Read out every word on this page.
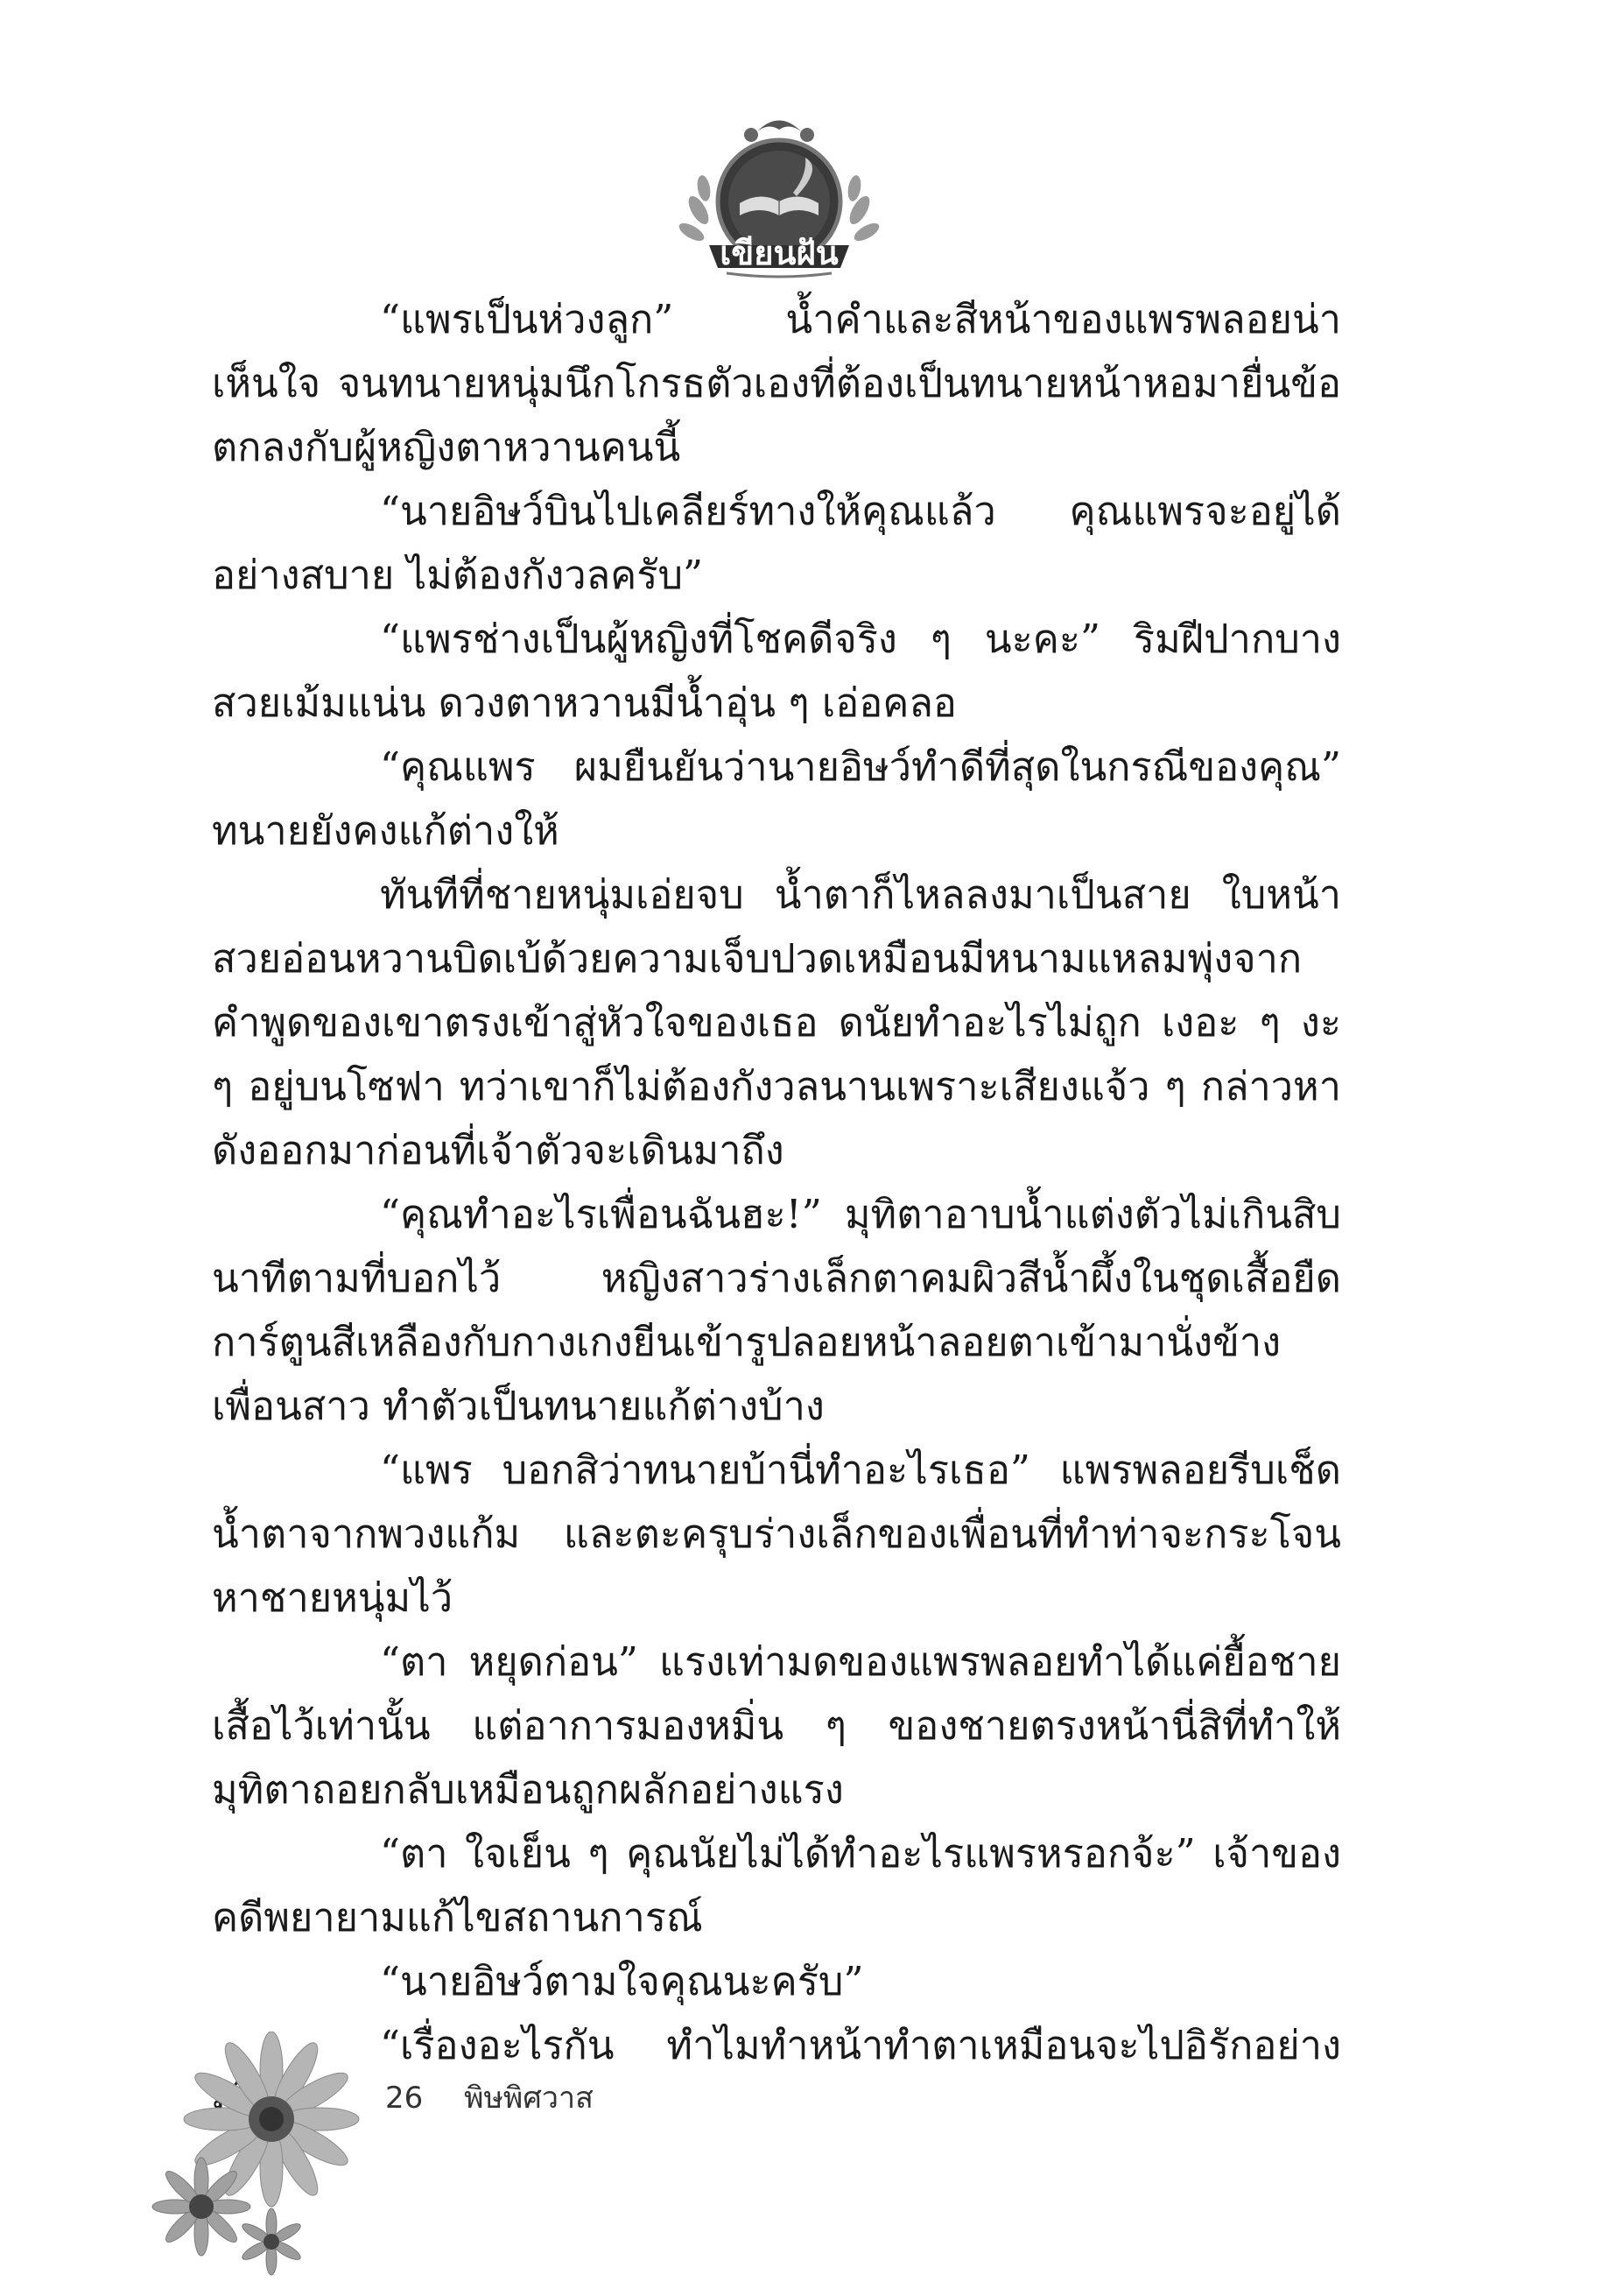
เขียนฝัน

“แพรเป็นห่วงลูก” น้ำคำและสีหน้าของแพรพลอยน่าเห็นใจ จนทนายหนุ่มนึกโกรธตัวเองที่ต้องเป็นทนายหน้าหอมายื่นข้อตกลงกับผู้หญิงตาหวานคนนี้

“นายอิษว์บินไปเคลียร์ทางให้คุณแล้ว คุณแพรจะอยู่ได้อย่างสบาย ไม่ต้องกังวลครับ”

“แพรช่างเป็นผู้หญิงที่โชคดีจริง ๆ นะคะ” ริมฝีปากบางสวยเม้มแน่น ดวงตาหวานมีน้ำอุ่น ๆ เอ่อคลอ

“คุณแพร ผมยืนยันว่านายอิษว์ทำดีที่สุดในกรณีของคุณ” ทนายยังคงแก้ต่างให้

ทันทีที่ชายหนุ่มเอ่ยจบ น้ำตาก็ไหลลงมาเป็นสาย ใบหน้าสวยอ่อนหวานบิดเบ้ด้วยความเจ็บปวดเหมือนมีหนามแหลมพุ่งจากคำพูดของเขาตรงเข้าสู่หัวใจของเธอ ดนัยทำอะไรไม่ถูก เงอะ ๆ งะ ๆ อยู่บนโซฟา ทว่าเขาก็ไม่ต้องกังวลนานเพราะเสียงแจ้ว ๆ กล่าวหาดังออกมาก่อนที่เจ้าตัวจะเดินมาถึง

“คุณทำอะไรเพื่อนฉันฮะ!” มุทิตาอาบน้ำแต่งตัวไม่เกินสิบนาทีตามที่บอกไว้ หญิงสาวร่างเล็กตาคมผิวสีน้ำผึ้งในชุดเสื้อยืดการ์ตูนสีเหลืองกับกางเกงยีนเข้ารูปลอยหน้าลอยตาเข้ามานั่งข้างเพื่อนสาว ทำตัวเป็นทนายแก้ต่างบ้าง

“แพร บอกสิว่าทนายบ้านี่ทำอะไรเธอ” แพรพลอยรีบเช็ดน้ำตาจากพวงแก้ม และตะครุบร่างเล็กของเพื่อนที่ทำท่าจะกระโจนหาชายหนุ่มไว้

“ตา หยุดก่อน” แรงเท่ามดของแพรพลอยทำได้แค่ยื้อชายเสื้อไว้เท่านั้น แต่อาการมองหมิ่น ๆ ของชายตรงหน้านี่สิที่ทำให้มุทิตาถอยกลับเหมือนถูกผลักอย่างแรง

“ตา ใจเย็น ๆ คุณนัยไม่ได้ทำอะไรแพรหรอกจ้ะ” เจ้าของคดีพยายามแก้ไขสถานการณ์

“นายอิษว์ตามใจคุณนะครับ”

“เรื่องอะไรกัน ทำไมทำหน้าทำตาเหมือนจะไปอิรักอย่าง

26 พิษพิศวาส
